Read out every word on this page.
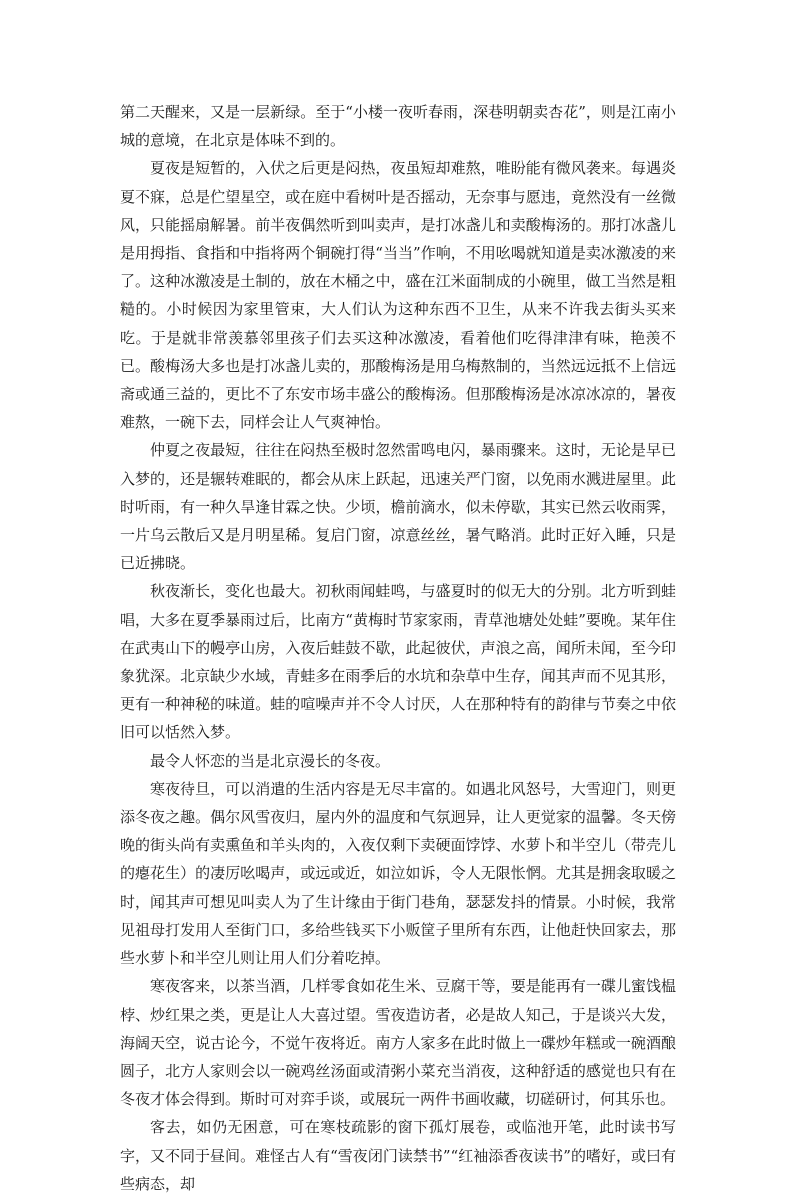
第二天醒来，又是一层新绿。至于“小楼一夜听春雨，深巷明朝卖杏花”，则是江南小城的意境，在北京是体味不到的。

夏夜是短暂的，入伏之后更是闷热，夜虽短却难熬，唯盼能有微风袭来。每遇炎夏不寐，总是伫望星空，或在庭中看树叶是否摇动，无奈事与愿违，竟然没有一丝微风，只能摇扇解暑。前半夜偶然听到叫卖声，是打冰盏儿和卖酸梅汤的。那打冰盏儿是用拇指、食指和中指将两个铜碗打得“当当”作响，不用吆喝就知道是卖冰激凌的来了。这种冰激凌是土制的，放在木桶之中，盛在江米面制成的小碗里，做工当然是粗糙的。小时候因为家里管束，大人们认为这种东西不卫生，从来不许我去街头买来吃。于是就非常羡慕邻里孩子们去买这种冰激凌，看着他们吃得津津有味，艳羡不已。酸梅汤大多也是打冰盏儿卖的，那酸梅汤是用乌梅熬制的，当然远远抵不上信远斋或通三益的，更比不了东安市场丰盛公的酸梅汤。但那酸梅汤是冰凉冰凉的，暑夜难熬，一碗下去，同样会让人气爽神怡。

仲夏之夜最短，往往在闷热至极时忽然雷鸣电闪，暴雨骤来。这时，无论是早已入梦的，还是辗转难眠的，都会从床上跃起，迅速关严门窗，以免雨水溅进屋里。此时听雨，有一种久旱逢甘霖之快。少顷，檐前滴水，似未停歇，其实已然云收雨霁，一片乌云散后又是月明星稀。复启门窗，凉意丝丝，暑气略消。此时正好入睡，只是已近拂晓。

秋夜渐长，变化也最大。初秋雨闻蛙鸣，与盛夏时的似无大的分别。北方听到蛙唱，大多在夏季暴雨过后，比南方“黄梅时节家家雨，青草池塘处处蛙”要晚。某年住在武夷山下的幔亭山房，入夜后蛙鼓不歇，此起彼伏，声浪之高，闻所未闻，至今印象犹深。北京缺少水域，青蛙多在雨季后的水坑和杂草中生存，闻其声而不见其形，更有一种神秘的味道。蛙的喧噪声并不令人讨厌，人在那种特有的韵律与节奏之中依旧可以恬然入梦。

最令人怀恋的当是北京漫长的冬夜。

寒夜待旦，可以消遣的生活内容是无尽丰富的。如遇北风怒号，大雪迎门，则更添冬夜之趣。偶尔风雪夜归，屋内外的温度和气氛迥异，让人更觉家的温馨。冬天傍晚的街头尚有卖熏鱼和羊头肉的，入夜仅剩下卖硬面饽饽、水萝卜和半空儿（带壳儿的瘪花生）的凄厉吆喝声，或远或近，如泣如诉，令人无限怅惘。尤其是拥衾取暖之时，闻其声可想见叫卖人为了生计缘由于街门巷角，瑟瑟发抖的情景。小时候，我常见祖母打发用人至街门口，多给些钱买下小贩筐子里所有东西，让他赶快回家去，那些水萝卜和半空儿则让用人们分着吃掉。

寒夜客来，以茶当酒，几样零食如花生米、豆腐干等，要是能再有一碟儿蜜饯榅桲、炒红果之类，更是让人大喜过望。雪夜造访者，必是故人知己，于是谈兴大发，海阔天空，说古论今，不觉午夜将近。南方人家多在此时做上一碟炒年糕或一碗酒酿圆子，北方人家则会以一碗鸡丝汤面或清粥小菜充当消夜，这种舒适的感觉也只有在冬夜才体会得到。斯时可对弈手谈，或展玩一两件书画收藏，切磋研讨，何其乐也。

客去，如仍无困意，可在寒枝疏影的窗下孤灯展卷，或临池开笔，此时读书写字，又不同于昼间。难怪古人有“雪夜闭门读禁书”“红袖添香夜读书”的嗜好，或曰有些病态，却
